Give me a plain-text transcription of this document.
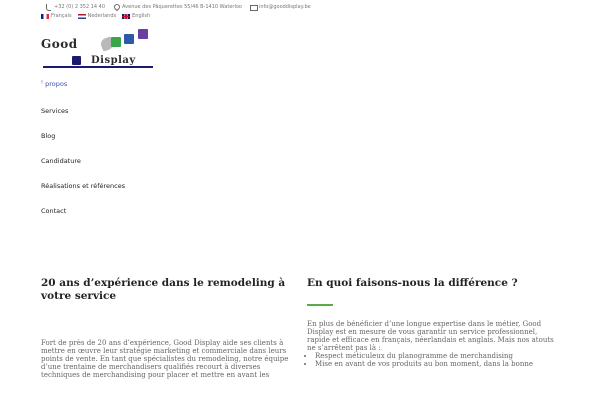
+32 (0) 2 352 14 40	Avenue des Pâquerettes 55/46 B-1410 Waterloo	info@gooddisplay.be
Français	Nederlands	English
Good
Display
! propos
Services
Blog
Candidature
Réalisations et références
Contact
20 ans d’expérience dans le remodeling à votre service

Fort de près de 20 ans d’expérience, Good Display aide ses clients à mettre en œuvre leur stratégie marketing et commerciale dans leurs points de vente. En tant que spécialistes du remodeling, notre équipe d’une trentaine de merchandisers qualifiés recourt à diverses techniques de merchandising pour placer et mettre en avant les

En quoi faisons-nous la différence ?

En plus de bénéficier d’une longue expertise dans le métier, Good Display est en mesure de vous garantir un service professionnel, rapide et efficace en français, néerlandais et anglais. Mais nos atouts ne s’arrêtent pas là :

• Respect méticuleux du planogramme de merchandising
• Mise en avant de vos produits au bon moment, dans la bonne
